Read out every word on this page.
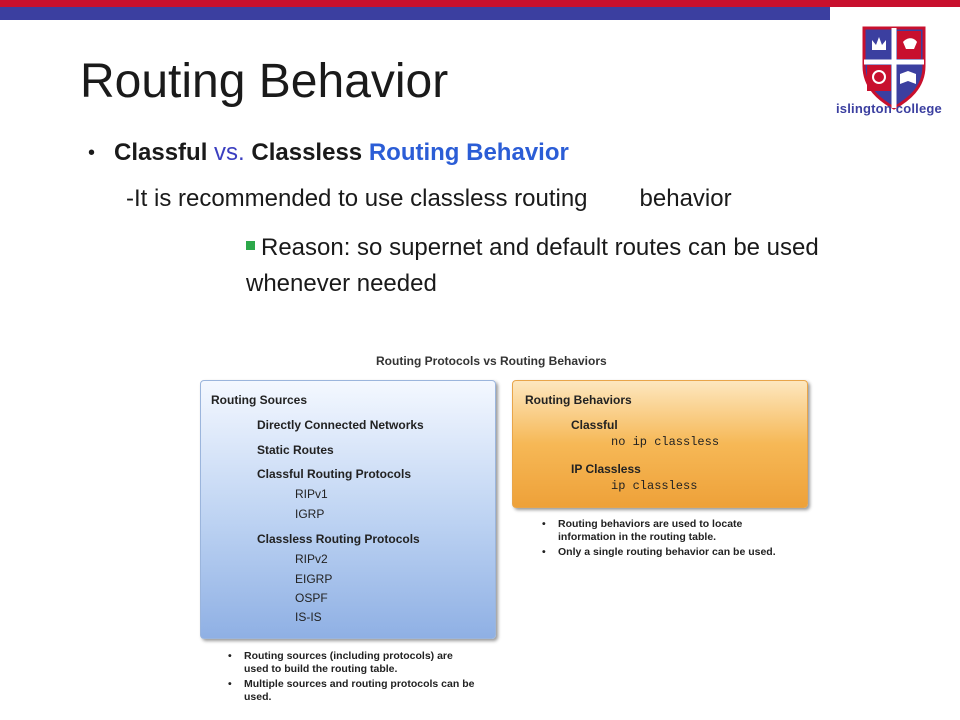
islington college
Routing Behavior
• Classful vs. Classless Routing Behavior
-It is recommended to use classless routing behavior
Reason: so supernet and default routes can be used whenever needed
Routing Protocols vs Routing Behaviors
Routing Sources
Directly Connected Networks
Static Routes
Classful Routing Protocols
RIPv1
IGRP
Classless Routing Protocols
RIPv2
EIGRP
OSPF
IS-IS
Routing Behaviors
Classful
no ip classless
IP Classless
ip classless
• Routing behaviors are used to locate information in the routing table.
• Only a single routing behavior can be used.
• Routing sources (including protocols) are used to build the routing table.
• Multiple sources and routing protocols can be used.
